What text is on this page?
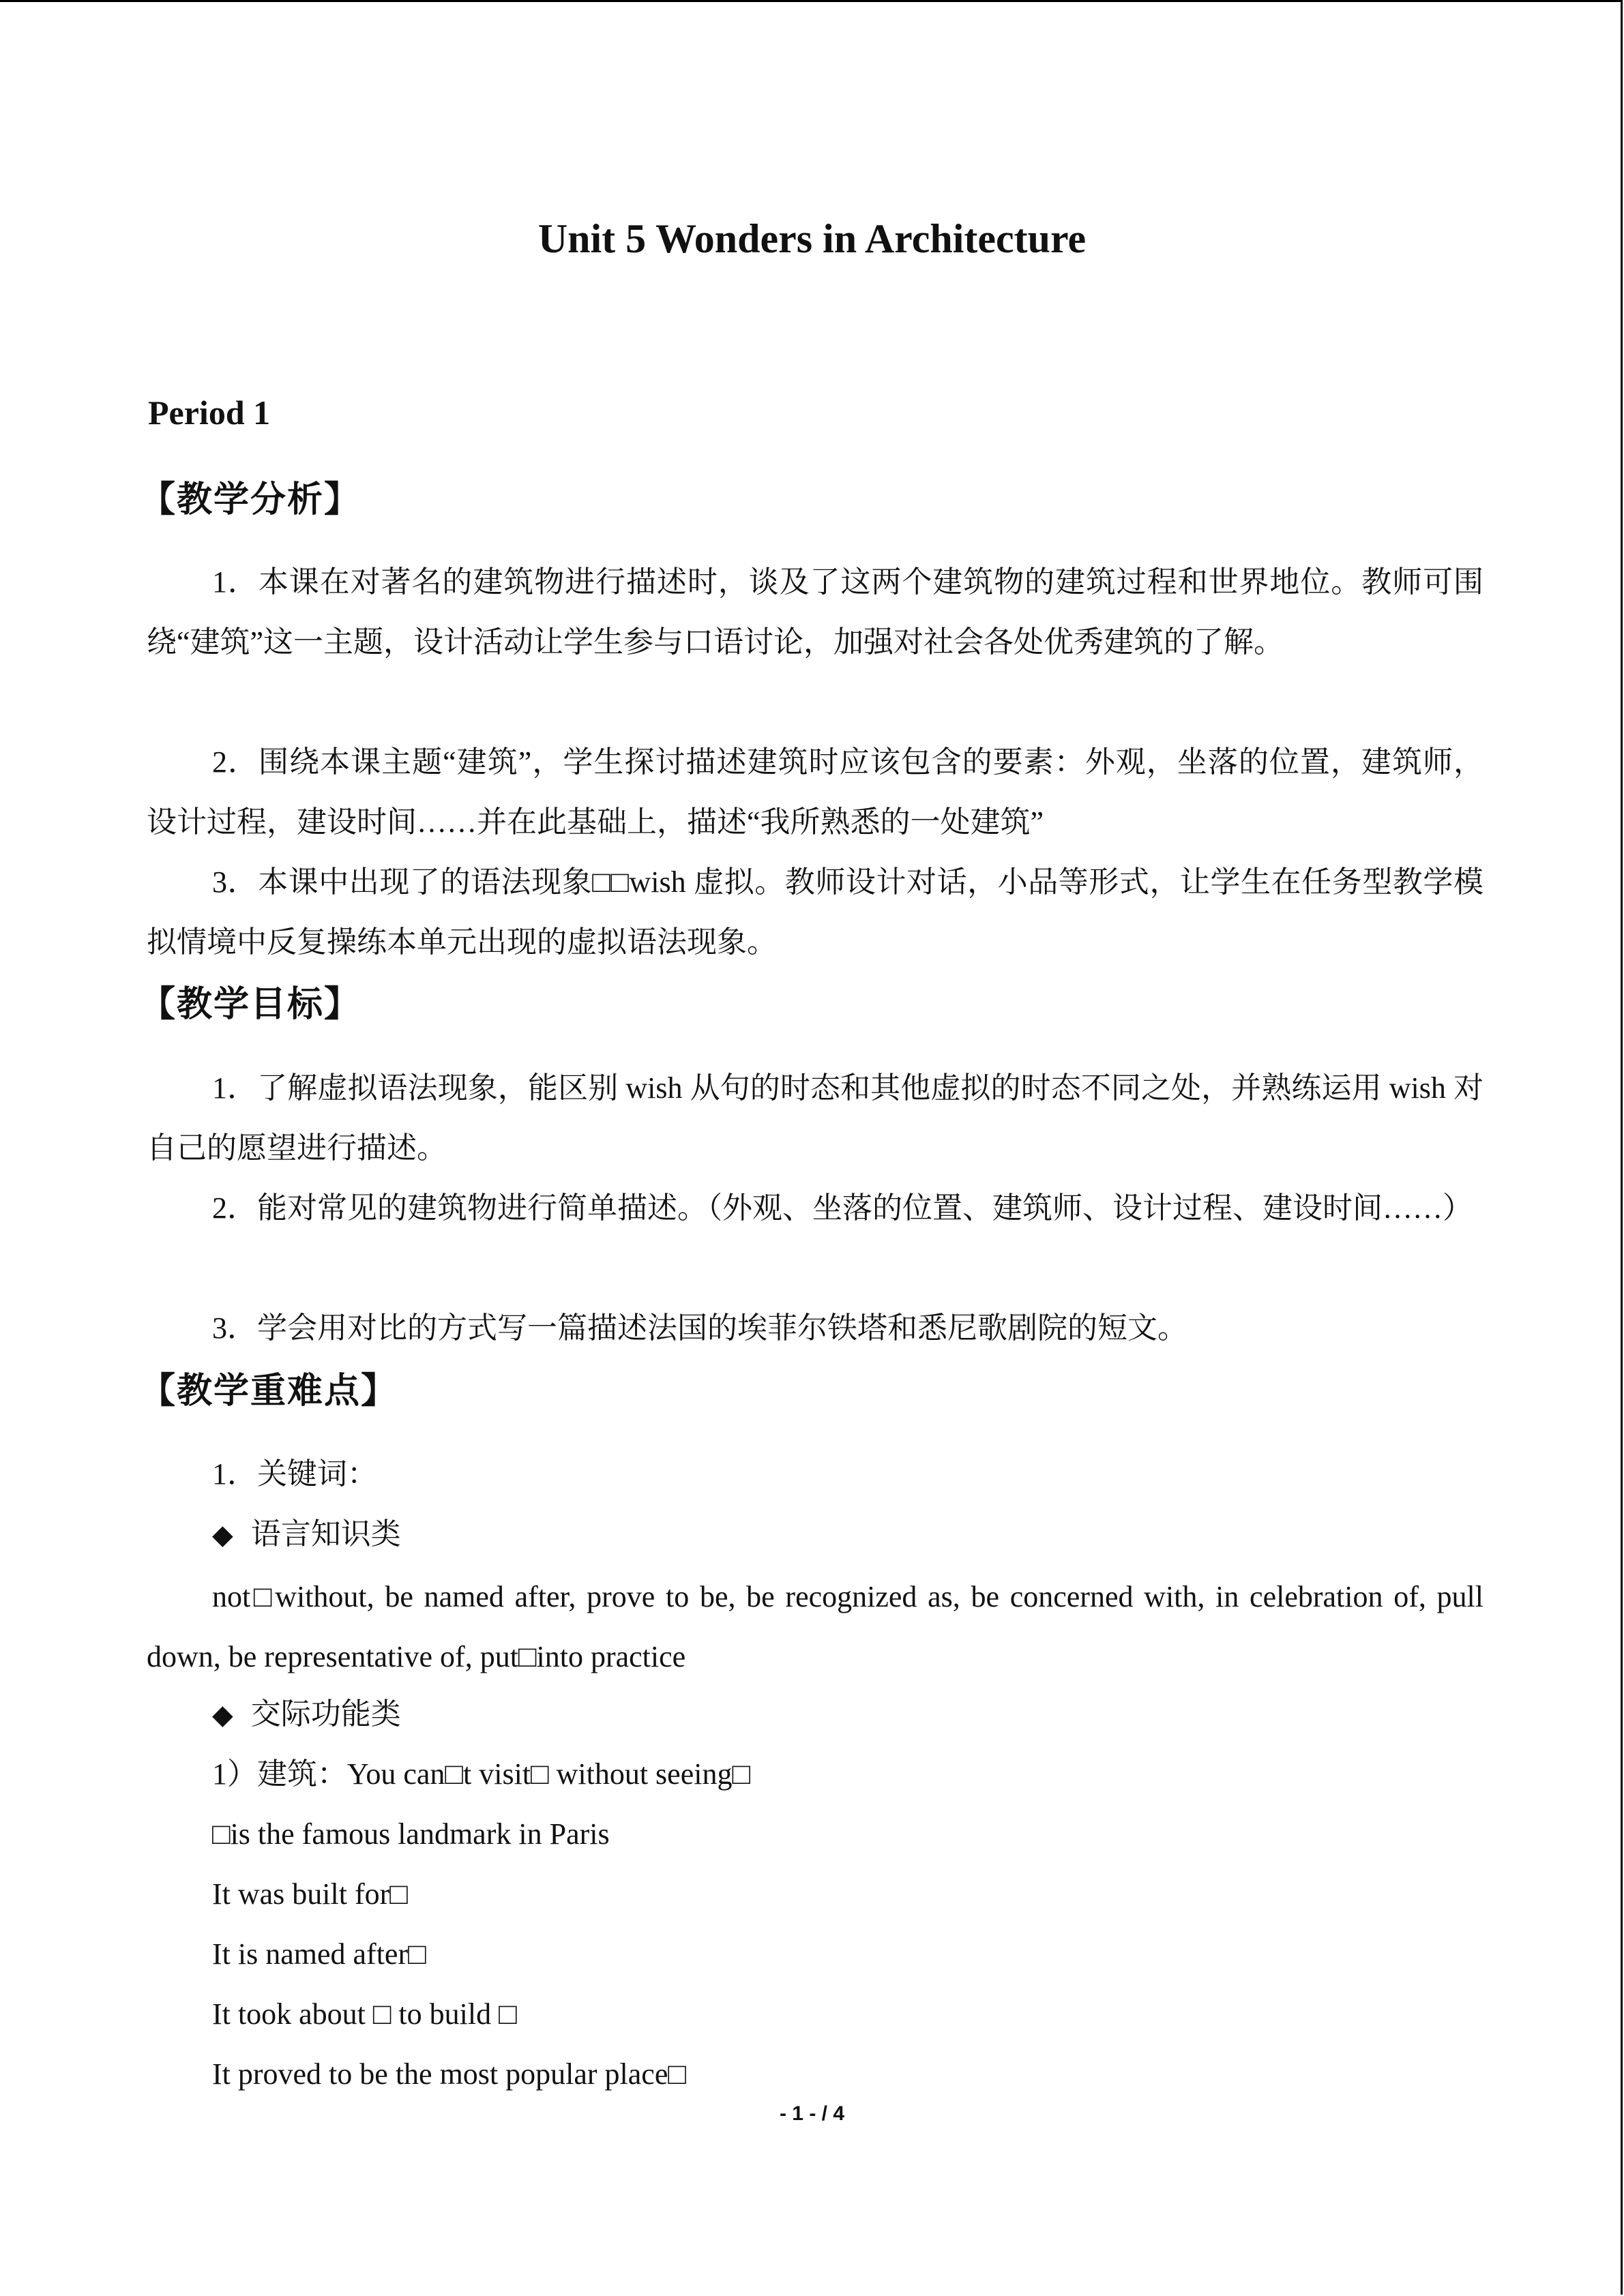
Unit 5 Wonders in Architecture
Period 1
【教学分析】
1．本课在对著名的建筑物进行描述时，谈及了这两个建筑物的建筑过程和世界地位。教师可围绕“建筑”这一主题，设计活动让学生参与口语讨论，加强对社会各处优秀建筑的了解。
2．围绕本课主题“建筑”，学生探讨描述建筑时应该包含的要素：外观，坐落的位置，建筑师，设计过程，建设时间……并在此基础上，描述“我所熟悉的一处建筑”
3．本课中出现了的语法现象□□wish 虚拟。教师设计对话，小品等形式，让学生在任务型教学模拟情境中反复操练本单元出现的虚拟语法现象。
【教学目标】
1．了解虚拟语法现象，能区别 wish 从句的时态和其他虚拟的时态不同之处，并熟练运用 wish 对自己的愿望进行描述。
2．能对常见的建筑物进行简单描述。（外观、坐落的位置、建筑师、设计过程、建设时间……）
3．学会用对比的方式写一篇描述法国的埃菲尔铁塔和悉尼歌剧院的短文。
【教学重难点】
1．关键词：
◆ 语言知识类
not□without, be named after, prove to be, be recognized as, be concerned with, in celebration of, pull down, be representative of, put□into practice
◆ 交际功能类
1）建筑：You can□t visit□ without seeing□
□is the famous landmark in Paris
It was built for□
It is named after□
It took about □ to build □
It proved to be the most popular place□
- 1 - / 4
